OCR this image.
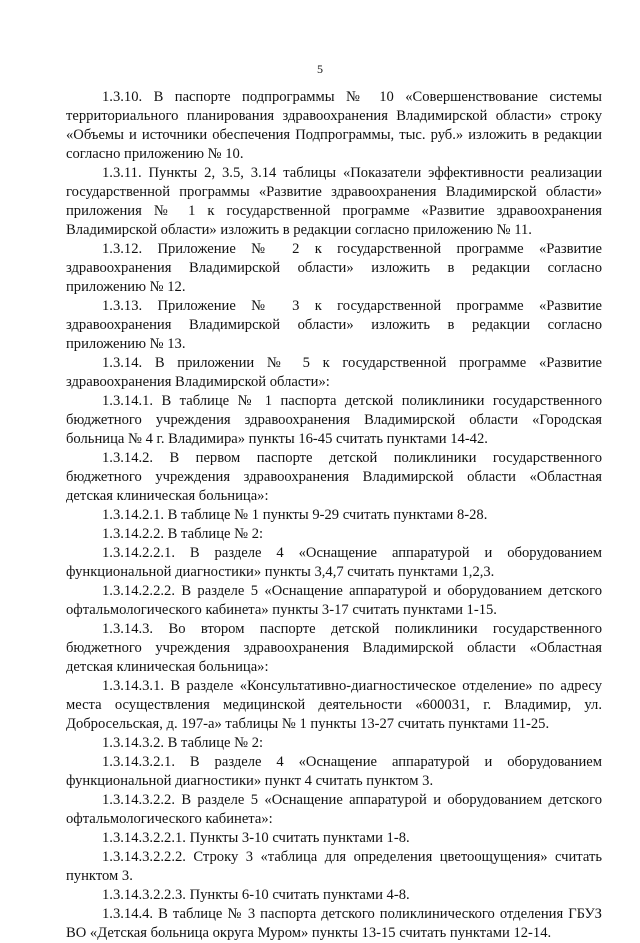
5

1.3.10. В паспорте подпрограммы № 10 «Совершенствование системы территориального планирования здравоохранения Владимирской области» строку «Объемы и источники обеспечения Подпрограммы, тыс. руб.» изложить в редакции согласно приложению № 10.

1.3.11. Пункты 2, 3.5, 3.14 таблицы «Показатели эффективности реализации государственной программы «Развитие здравоохранения Владимирской области» приложения № 1 к государственной программе «Развитие здравоохранения Владимирской области» изложить в редакции согласно приложению № 11.

1.3.12. Приложение № 2 к государственной программе «Развитие здравоохранения Владимирской области» изложить в редакции согласно приложению № 12.

1.3.13. Приложение № 3 к государственной программе «Развитие здравоохранения Владимирской области» изложить в редакции согласно приложению № 13.

1.3.14. В приложении № 5 к государственной программе «Развитие здравоохранения Владимирской области»:

1.3.14.1. В таблице № 1 паспорта детской поликлиники государственного бюджетного учреждения здравоохранения Владимирской области «Городская больница № 4 г. Владимира» пункты 16-45 считать пунктами 14-42.

1.3.14.2. В первом паспорте детской поликлиники государственного бюджетного учреждения здравоохранения Владимирской области «Областная детская клиническая больница»:

1.3.14.2.1. В таблице № 1 пункты 9-29 считать пунктами 8-28.

1.3.14.2.2. В таблице № 2:

1.3.14.2.2.1. В разделе 4 «Оснащение аппаратурой и оборудованием функциональной диагностики» пункты 3,4,7 считать пунктами 1,2,3.

1.3.14.2.2.2. В разделе 5 «Оснащение аппаратурой и оборудованием детского офтальмологического кабинета» пункты 3-17 считать пунктами 1-15.

1.3.14.3. Во втором паспорте детской поликлиники государственного бюджетного учреждения здравоохранения Владимирской области «Областная детская клиническая больница»:

1.3.14.3.1. В разделе «Консультативно-диагностическое отделение» по адресу места осуществления медицинской деятельности «600031, г. Владимир, ул. Добросельская, д. 197-а» таблицы № 1 пункты 13-27 считать пунктами 11-25.

1.3.14.3.2. В таблице № 2:

1.3.14.3.2.1. В разделе 4 «Оснащение аппаратурой и оборудованием функциональной диагностики» пункт 4 считать пунктом 3.

1.3.14.3.2.2. В разделе 5 «Оснащение аппаратурой и оборудованием детского офтальмологического кабинета»:

1.3.14.3.2.2.1. Пункты 3-10 считать пунктами 1-8.

1.3.14.3.2.2.2. Строку 3 «таблица для определения цветоощущения» считать пунктом 3.

1.3.14.3.2.2.3. Пункты 6-10 считать пунктами 4-8.

1.3.14.4. В таблице № 3 паспорта детского поликлинического отделения ГБУЗ ВО «Детская больница округа Муром» пункты 13-15 считать пунктами 12-14.
